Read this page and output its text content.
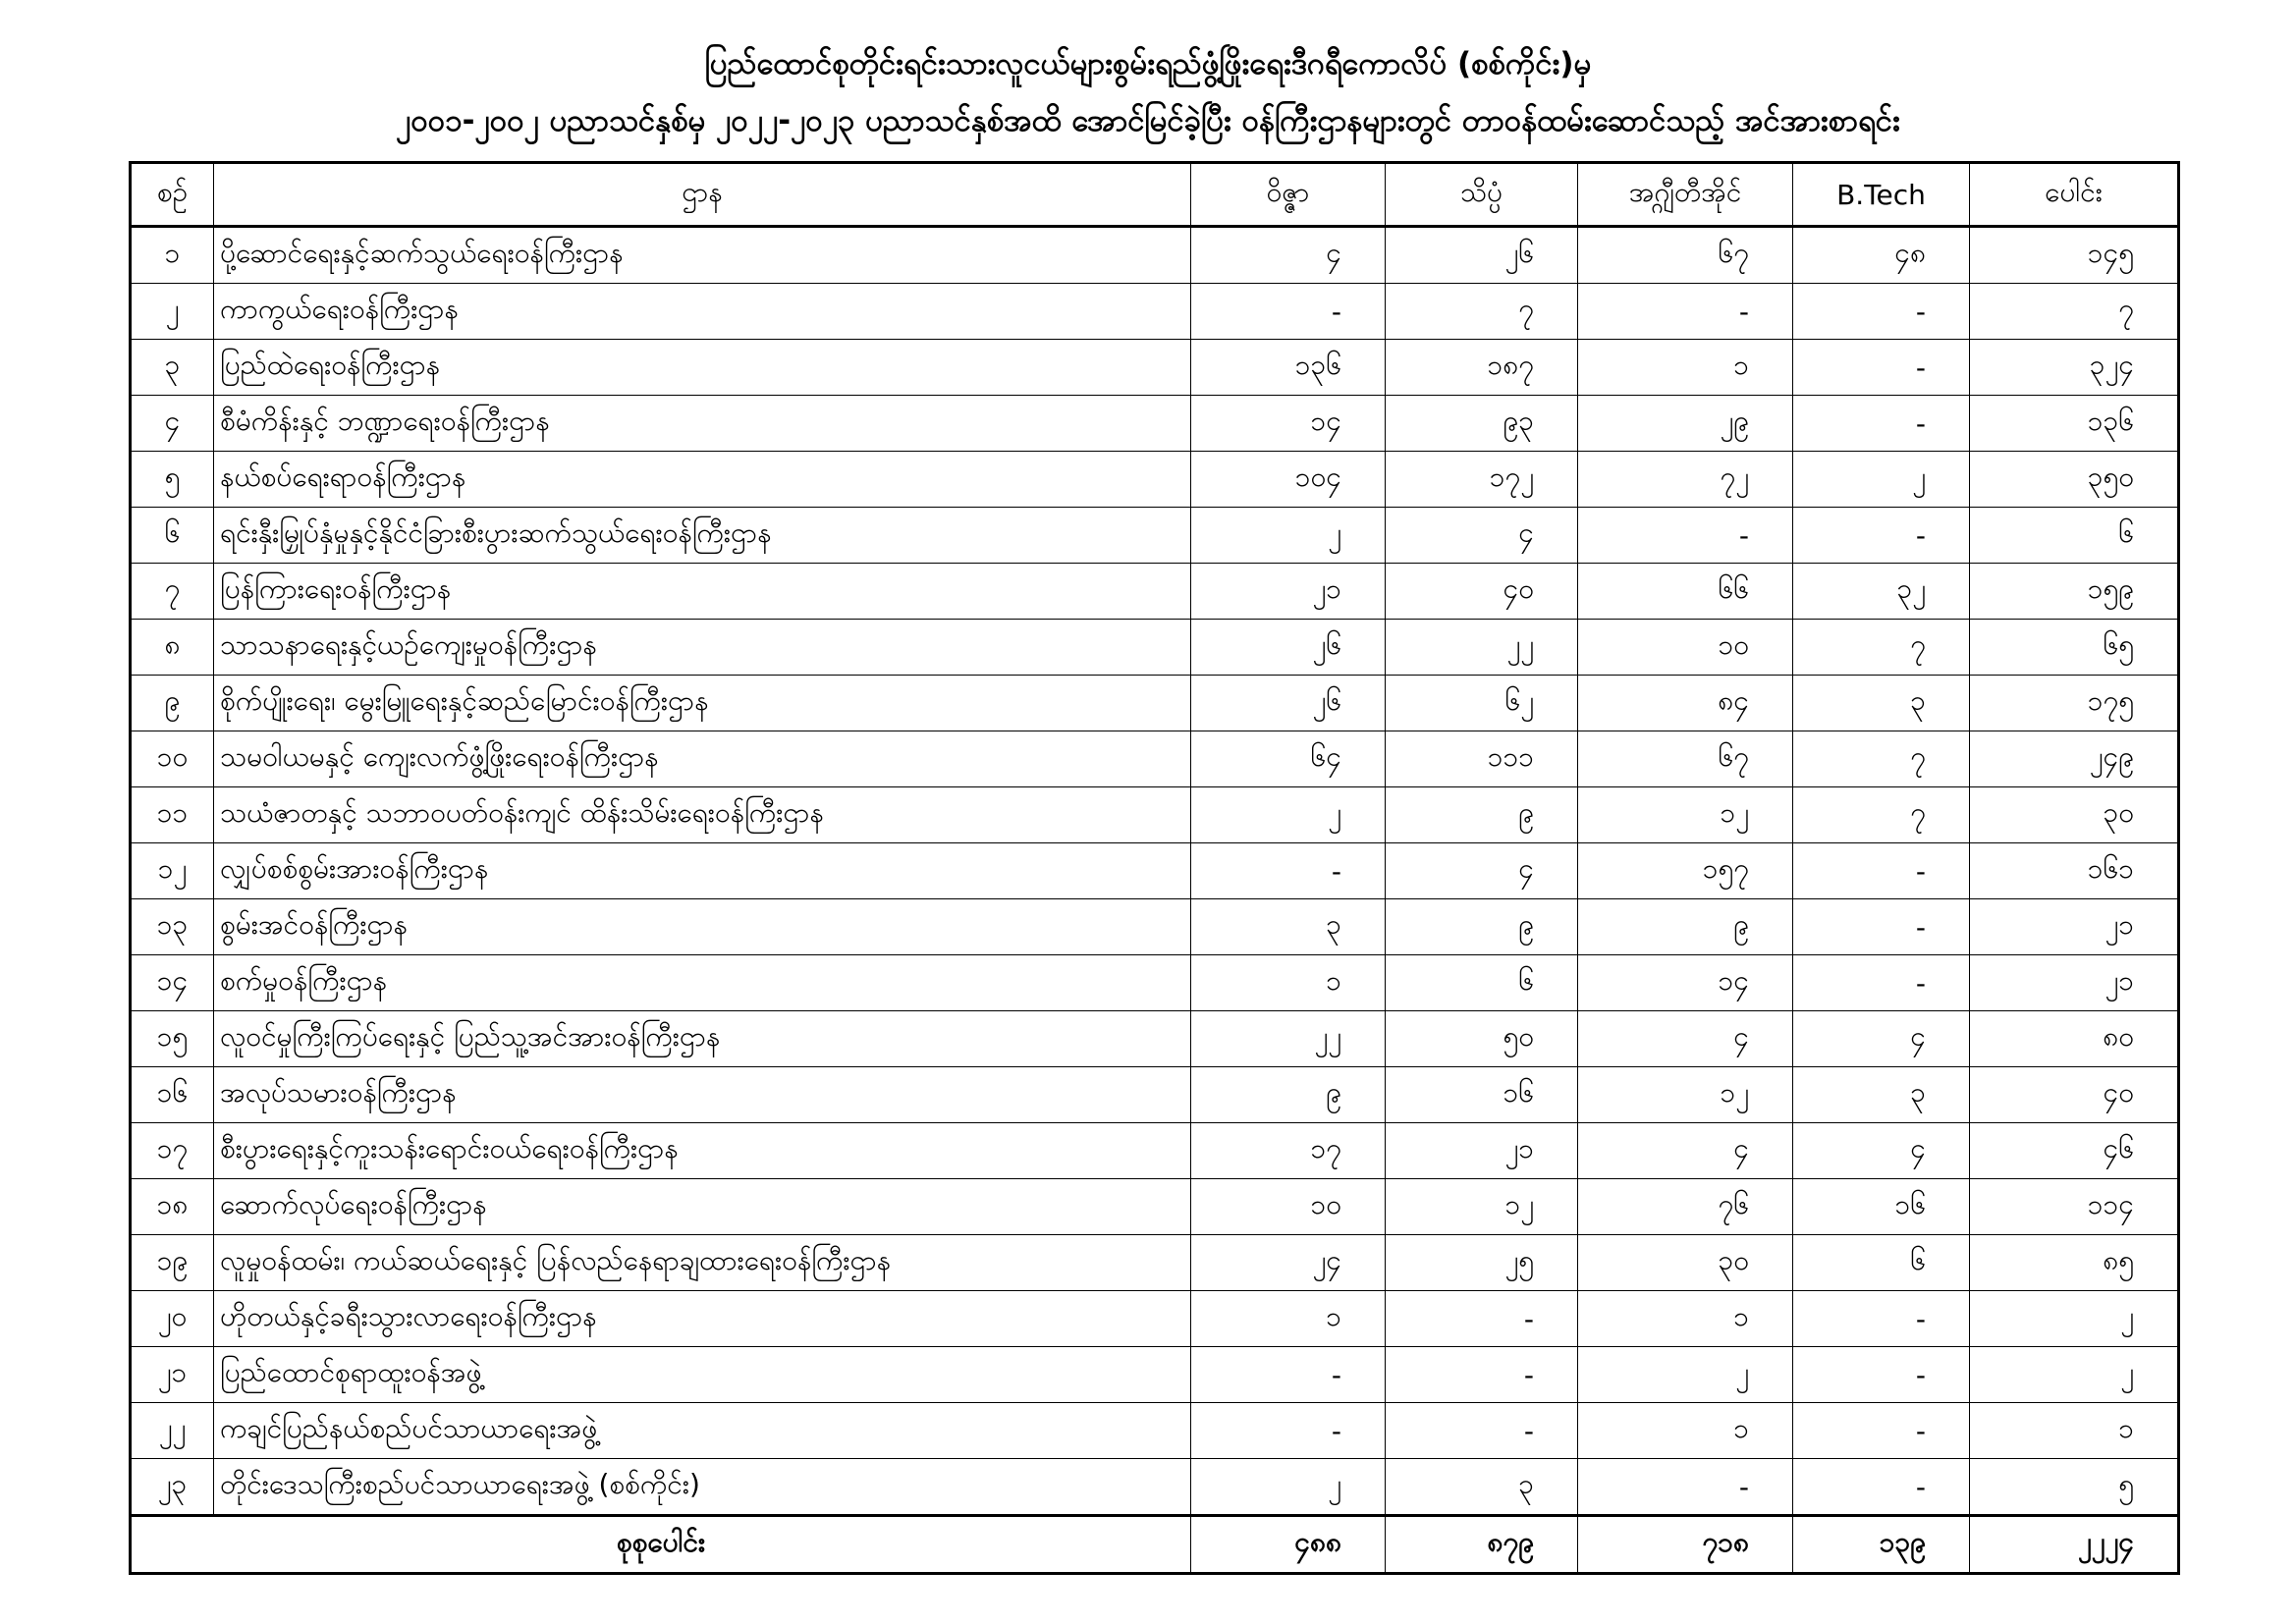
ပြည်ထောင်စုတိုင်းရင်းသားလူငယ်များစွမ်းရည်ဖွံ့ဖြိုးရေးဒီဂရီကောလိပ် (စစ်ကိုင်း)မှ
၂၀၀၁-၂၀၀၂ ပညာသင်နှစ်မှ ၂၀၂၂-၂၀၂၃ ပညာသင်နှစ်အထိ အောင်မြင်ခဲ့ပြီး ဝန်ကြီးဌာနများတွင် တာဝန်ထမ်းဆောင်သည့် အင်အားစာရင်း
စဉ်	ဌာန	ဝိဇ္ဇာ	သိပ္ပံ	အဂ္ဂျီတီအိုင်	B.Tech	ပေါင်း
၁	ပို့ဆောင်ရေးနှင့်ဆက်သွယ်ရေးဝန်ကြီးဌာန	၄	၂၆	၆၇	၄၈	၁၄၅
၂	ကာကွယ်ရေးဝန်ကြီးဌာန	-	၇	-	-	၇
၃	ပြည်ထဲရေးဝန်ကြီးဌာန	၁၃၆	၁၈၇	၁	-	၃၂၄
၄	စီမံကိန်းနှင့် ဘဏ္ဍာရေးဝန်ကြီးဌာန	၁၄	၉၃	၂၉	-	၁၃၆
၅	နယ်စပ်ရေးရာဝန်ကြီးဌာန	၁၀၄	၁၇၂	၇၂	၂	၃၅၀
၆	ရင်းနှီးမြှုပ်နှံမှုနှင့်နိုင်ငံခြားစီးပွားဆက်သွယ်ရေးဝန်ကြီးဌာန	၂	၄	-	-	၆
၇	ပြန်ကြားရေးဝန်ကြီးဌာန	၂၁	၄၀	၆၆	၃၂	၁၅၉
၈	သာသနာရေးနှင့်ယဉ်ကျေးမှုဝန်ကြီးဌာန	၂၆	၂၂	၁၀	၇	၆၅
၉	စိုက်ပျိုးရေး၊ မွေးမြူရေးနှင့်ဆည်မြောင်းဝန်ကြီးဌာန	၂၆	၆၂	၈၄	၃	၁၇၅
၁၀	သမဝါယမနှင့် ကျေးလက်ဖွံ့ဖြိုးရေးဝန်ကြီးဌာန	၆၄	၁၁၁	၆၇	၇	၂၄၉
၁၁	သယံဇာတနှင့် သဘာဝပတ်ဝန်းကျင် ထိန်းသိမ်းရေးဝန်ကြီးဌာန	၂	၉	၁၂	၇	၃၀
၁၂	လျှပ်စစ်စွမ်းအားဝန်ကြီးဌာန	-	၄	၁၅၇	-	၁၆၁
၁၃	စွမ်းအင်ဝန်ကြီးဌာန	၃	၉	၉	-	၂၁
၁၄	စက်မှုဝန်ကြီးဌာန	၁	၆	၁၄	-	၂၁
၁၅	လူဝင်မှုကြီးကြပ်ရေးနှင့် ပြည်သူ့အင်အားဝန်ကြီးဌာန	၂၂	၅၀	၄	၄	၈၀
၁၆	အလုပ်သမားဝန်ကြီးဌာန	၉	၁၆	၁၂	၃	၄၀
၁၇	စီးပွားရေးနှင့်ကူးသန်းရောင်းဝယ်ရေးဝန်ကြီးဌာန	၁၇	၂၁	၄	၄	၄၆
၁၈	ဆောက်လုပ်ရေးဝန်ကြီးဌာန	၁၀	၁၂	၇၆	၁၆	၁၁၄
၁၉	လူမှုဝန်ထမ်း၊ ကယ်ဆယ်ရေးနှင့် ပြန်လည်နေရာချထားရေးဝန်ကြီးဌာန	၂၄	၂၅	၃၀	၆	၈၅
၂၀	ဟိုတယ်နှင့်ခရီးသွားလာရေးဝန်ကြီးဌာန	၁	-	၁	-	၂
၂၁	ပြည်ထောင်စုရာထူးဝန်အဖွဲ့	-	-	၂	-	၂
၂၂	ကချင်ပြည်နယ်စည်ပင်သာယာရေးအဖွဲ့	-	-	၁	-	၁
၂၃	တိုင်းဒေသကြီးစည်ပင်သာယာရေးအဖွဲ့ (စစ်ကိုင်း)	၂	၃	-	-	၅
စုစုပေါင်း		၄၈၈	၈၇၉	၇၁၈	၁၃၉	၂၂၂၄
